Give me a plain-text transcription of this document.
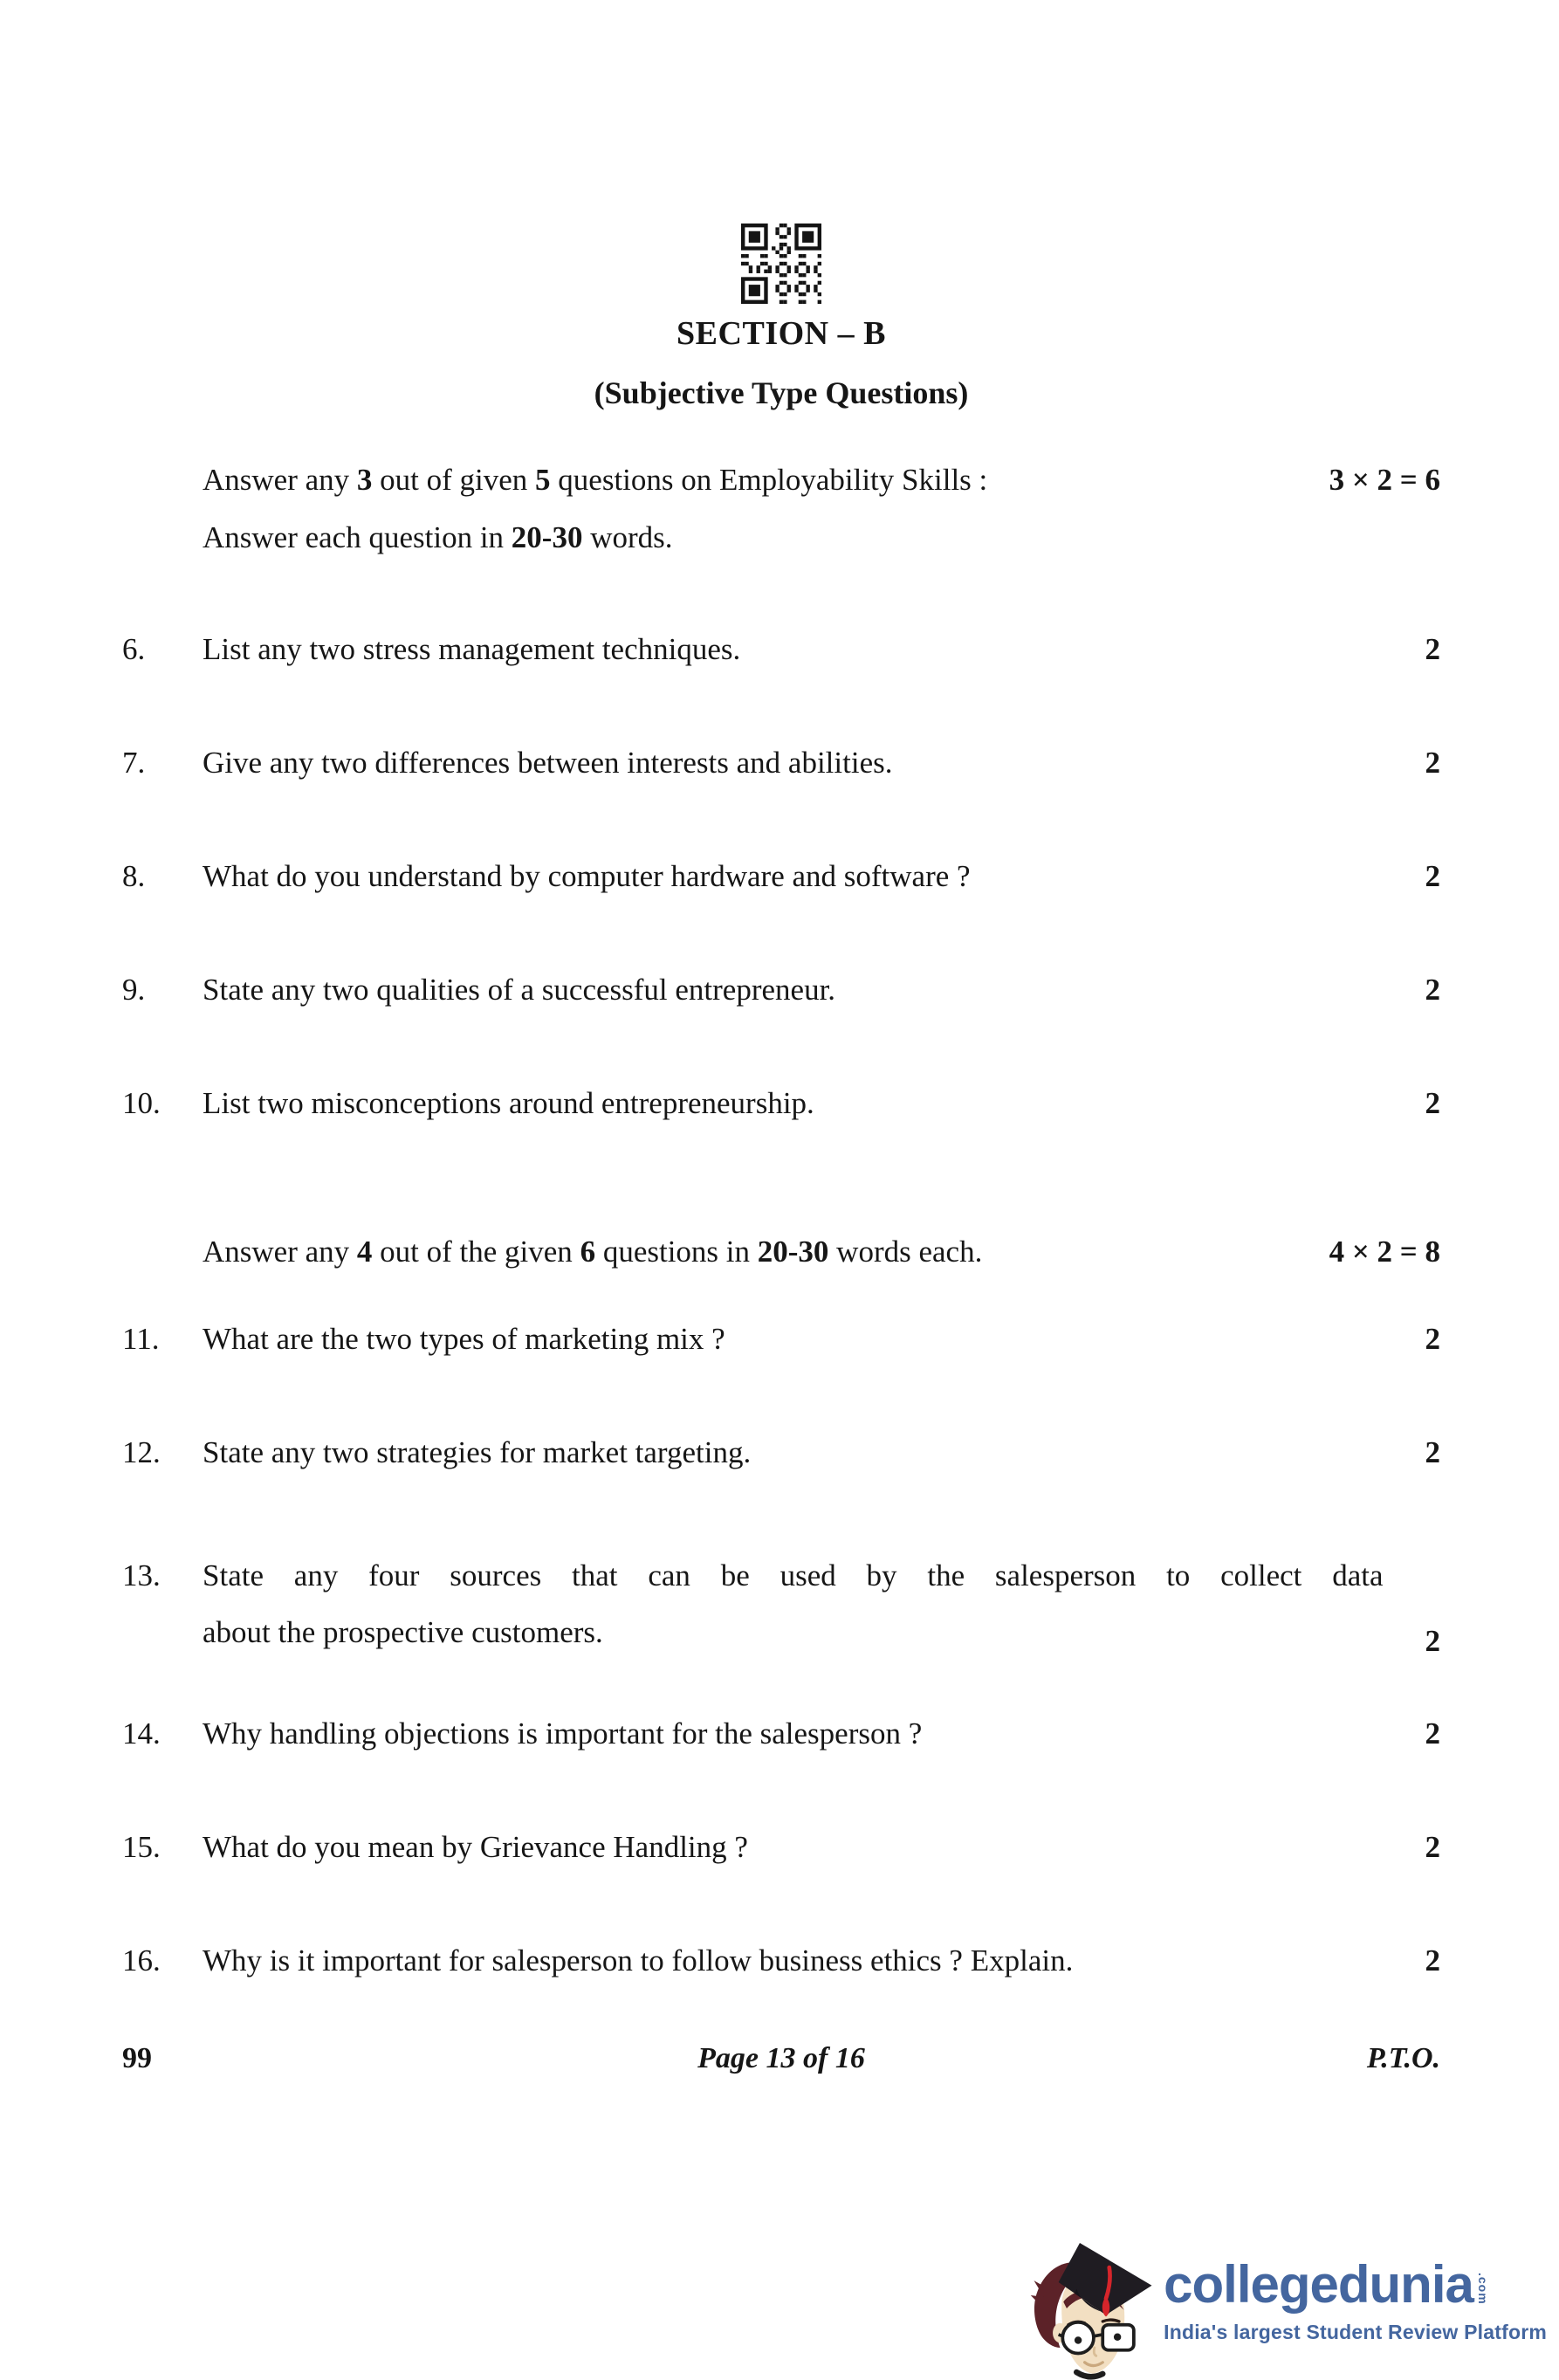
SECTION – B
(Subjective Type Questions)
Answer any 3 out of given 5 questions on Employability Skills :	3 × 2 = 6
Answer each question in 20-30 words.
6.	List any two stress management techniques.	2
7.	Give any two differences between interests and abilities.	2
8.	What do you understand by computer hardware and software ?	2
9.	State any two qualities of a successful entrepreneur.	2
10.	List two misconceptions around entrepreneurship.	2
Answer any 4 out of the given 6 questions in 20-30 words each.	4 × 2 = 8
11.	What are the two types of marketing mix ?	2
12.	State any two strategies for market targeting.	2
13.	State any four sources that can be used by the salesperson to collect data
about the prospective customers.	2
14.	Why handling objections is important for the salesperson ?	2
15.	What do you mean by Grievance Handling ?	2
16.	Why is it important for salesperson to follow business ethics ? Explain.	2
99	Page 13 of 16	P.T.O.
collegedunia .com
India's largest Student Review Platform
